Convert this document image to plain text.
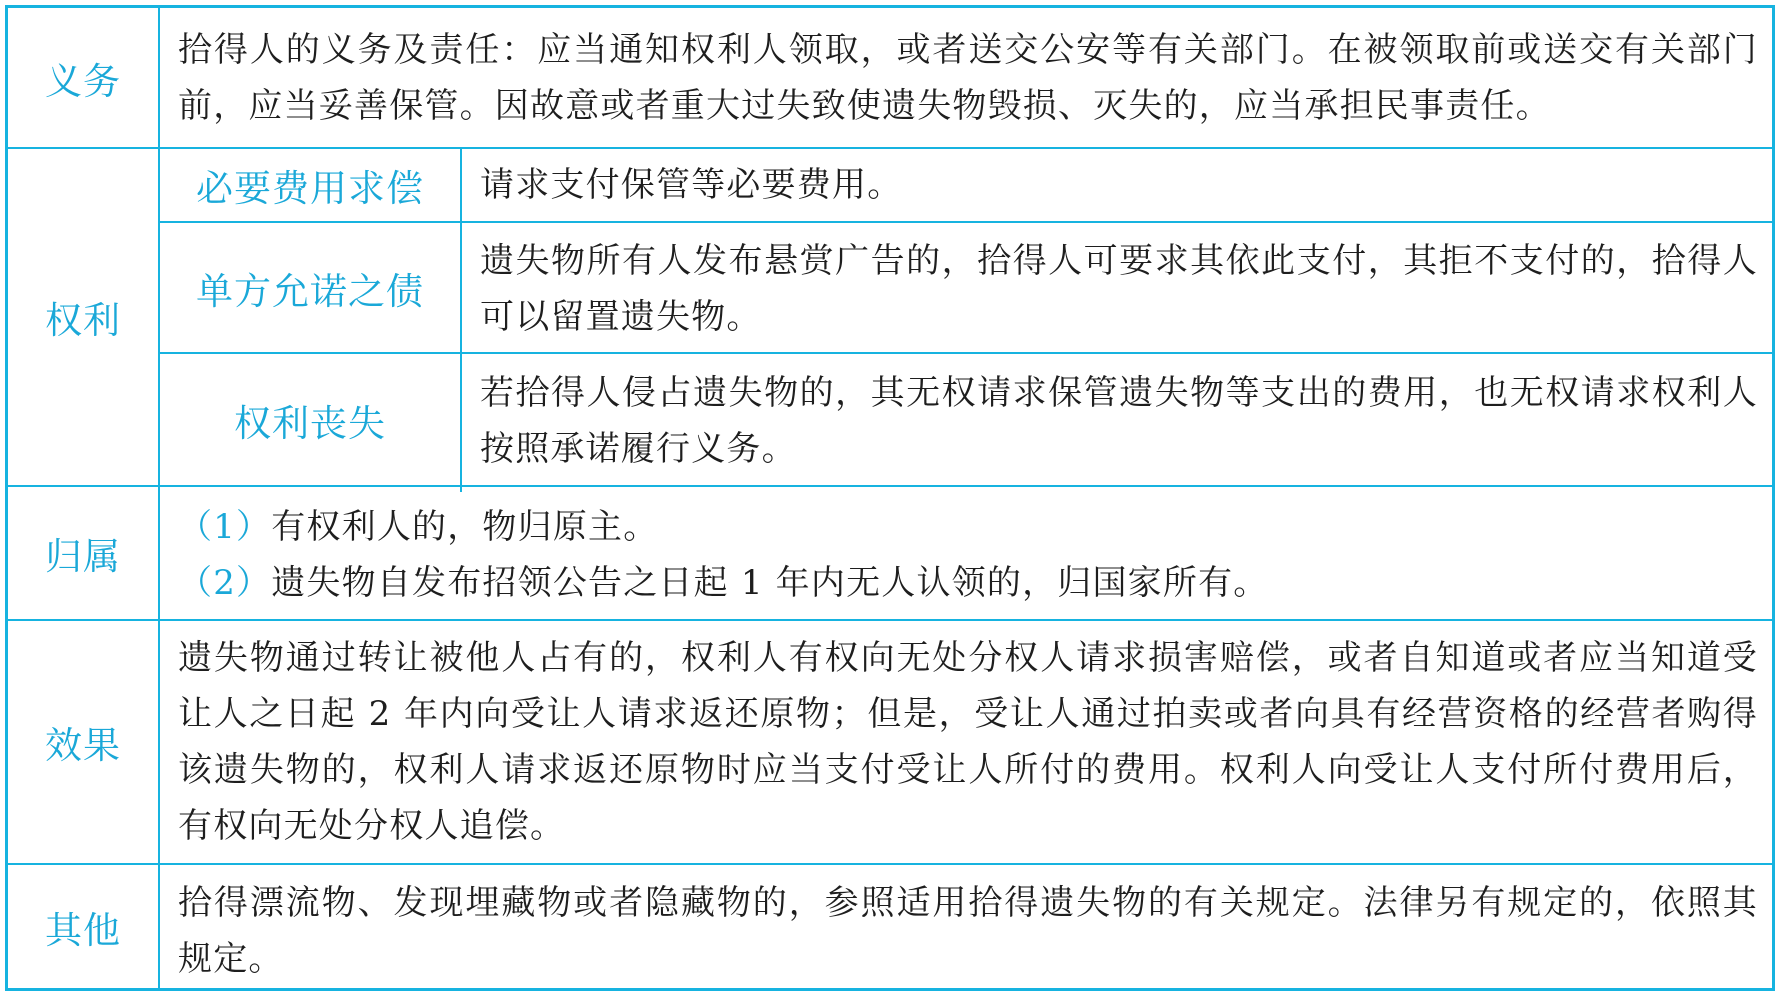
义务
拾得人的义务及责任：应当通知权利人领取，或者送交公安等有关部门。在被领取前或送交有关部门前，应当妥善保管。因故意或者重大过失致使遗失物毁损、灭失的，应当承担民事责任。
权利
必要费用求偿	请求支付保管等必要费用。
单方允诺之债
遗失物所有人发布悬赏广告的，拾得人可要求其依此支付，其拒不支付的，拾得人可以留置遗失物。
权利丧失
若拾得人侵占遗失物的，其无权请求保管遗失物等支出的费用，也无权请求权利人按照承诺履行义务。
归属
（1）有权利人的，物归原主。
（2）遗失物自发布招领公告之日起 1 年内无人认领的，归国家所有。
效果
遗失物通过转让被他人占有的，权利人有权向无处分权人请求损害赔偿，或者自知道或者应当知道受让人之日起 2 年内向受让人请求返还原物；但是，受让人通过拍卖或者向具有经营资格的经营者购得该遗失物的，权利人请求返还原物时应当支付受让人所付的费用。权利人向受让人支付所付费用后，有权向无处分权人追偿。
其他
拾得漂流物、发现埋藏物或者隐藏物的，参照适用拾得遗失物的有关规定。法律另有规定的，依照其规定。
